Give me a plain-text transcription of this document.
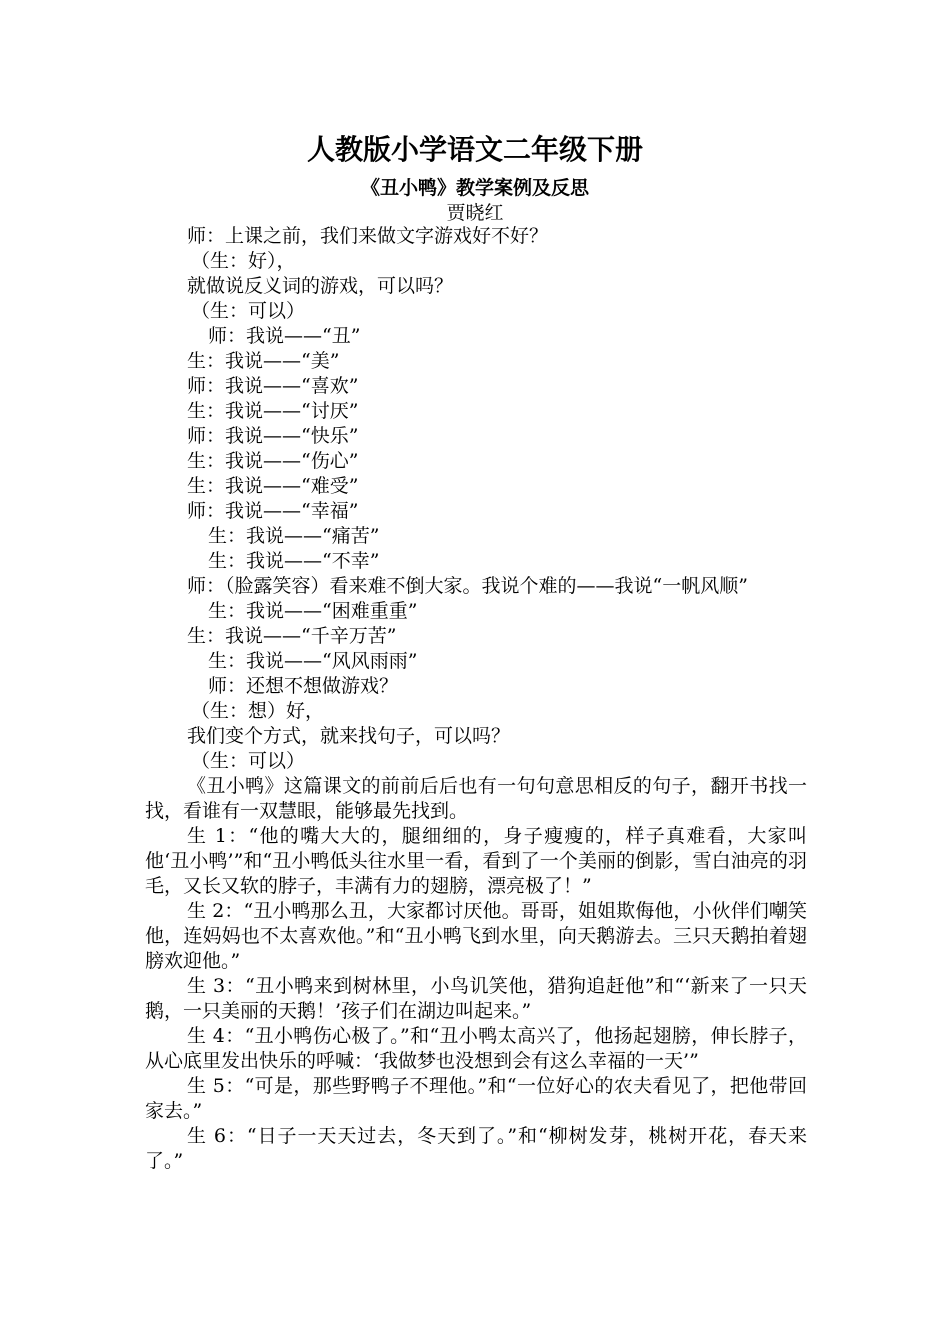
人教版小学语文二年级下册
《丑小鸭》教学案例及反思
贾晓红

师：上课之前，我们来做文字游戏好不好？

（生：好），

就做说反义词的游戏，可以吗？

（生：可以）

师：我说——“丑”

生：我说——“美”

师：我说——“喜欢”

生：我说——“讨厌”

师：我说——“快乐”

生：我说——“伤心”

生：我说——“难受”

师：我说——“幸福”

生：我说——“痛苦”

生：我说——“不幸”

师：（脸露笑容）看来难不倒大家。我说个难的——我说“一帆风顺”

生：我说——“困难重重”

生：我说——“千辛万苦”

生：我说——“风风雨雨”

师：还想不想做游戏？

（生：想）好，

我们变个方式，就来找句子，可以吗？

（生：可以）

《丑小鸭》这篇课文的前前后后也有一句句意思相反的句子，翻开书找一找，看谁有一双慧眼，能够最先找到。

生 1：“他的嘴大大的，腿细细的，身子瘦瘦的，样子真难看，大家叫他‘丑小鸭’”和“丑小鸭低头往水里一看，看到了一个美丽的倒影，雪白油亮的羽毛，又长又软的脖子，丰满有力的翅膀，漂亮极了！”

生 2：“丑小鸭那么丑，大家都讨厌他。哥哥，姐姐欺侮他，小伙伴们嘲笑他，连妈妈也不太喜欢他。”和“丑小鸭飞到水里，向天鹅游去。三只天鹅拍着翅膀欢迎他。”

生 3：“丑小鸭来到树林里，小鸟讥笑他，猎狗追赶他”和“‘新来了一只天鹅，一只美丽的天鹅！’孩子们在湖边叫起来。”

生 4：“丑小鸭伤心极了。”和“丑小鸭太高兴了，他扬起翅膀，伸长脖子，从心底里发出快乐的呼喊：‘我做梦也没想到会有这么幸福的一天’”

生 5：“可是，那些野鸭子不理他。”和“一位好心的农夫看见了，把他带回家去。”

生 6：“日子一天天过去，冬天到了。”和“柳树发芽，桃树开花，春天来了。”
